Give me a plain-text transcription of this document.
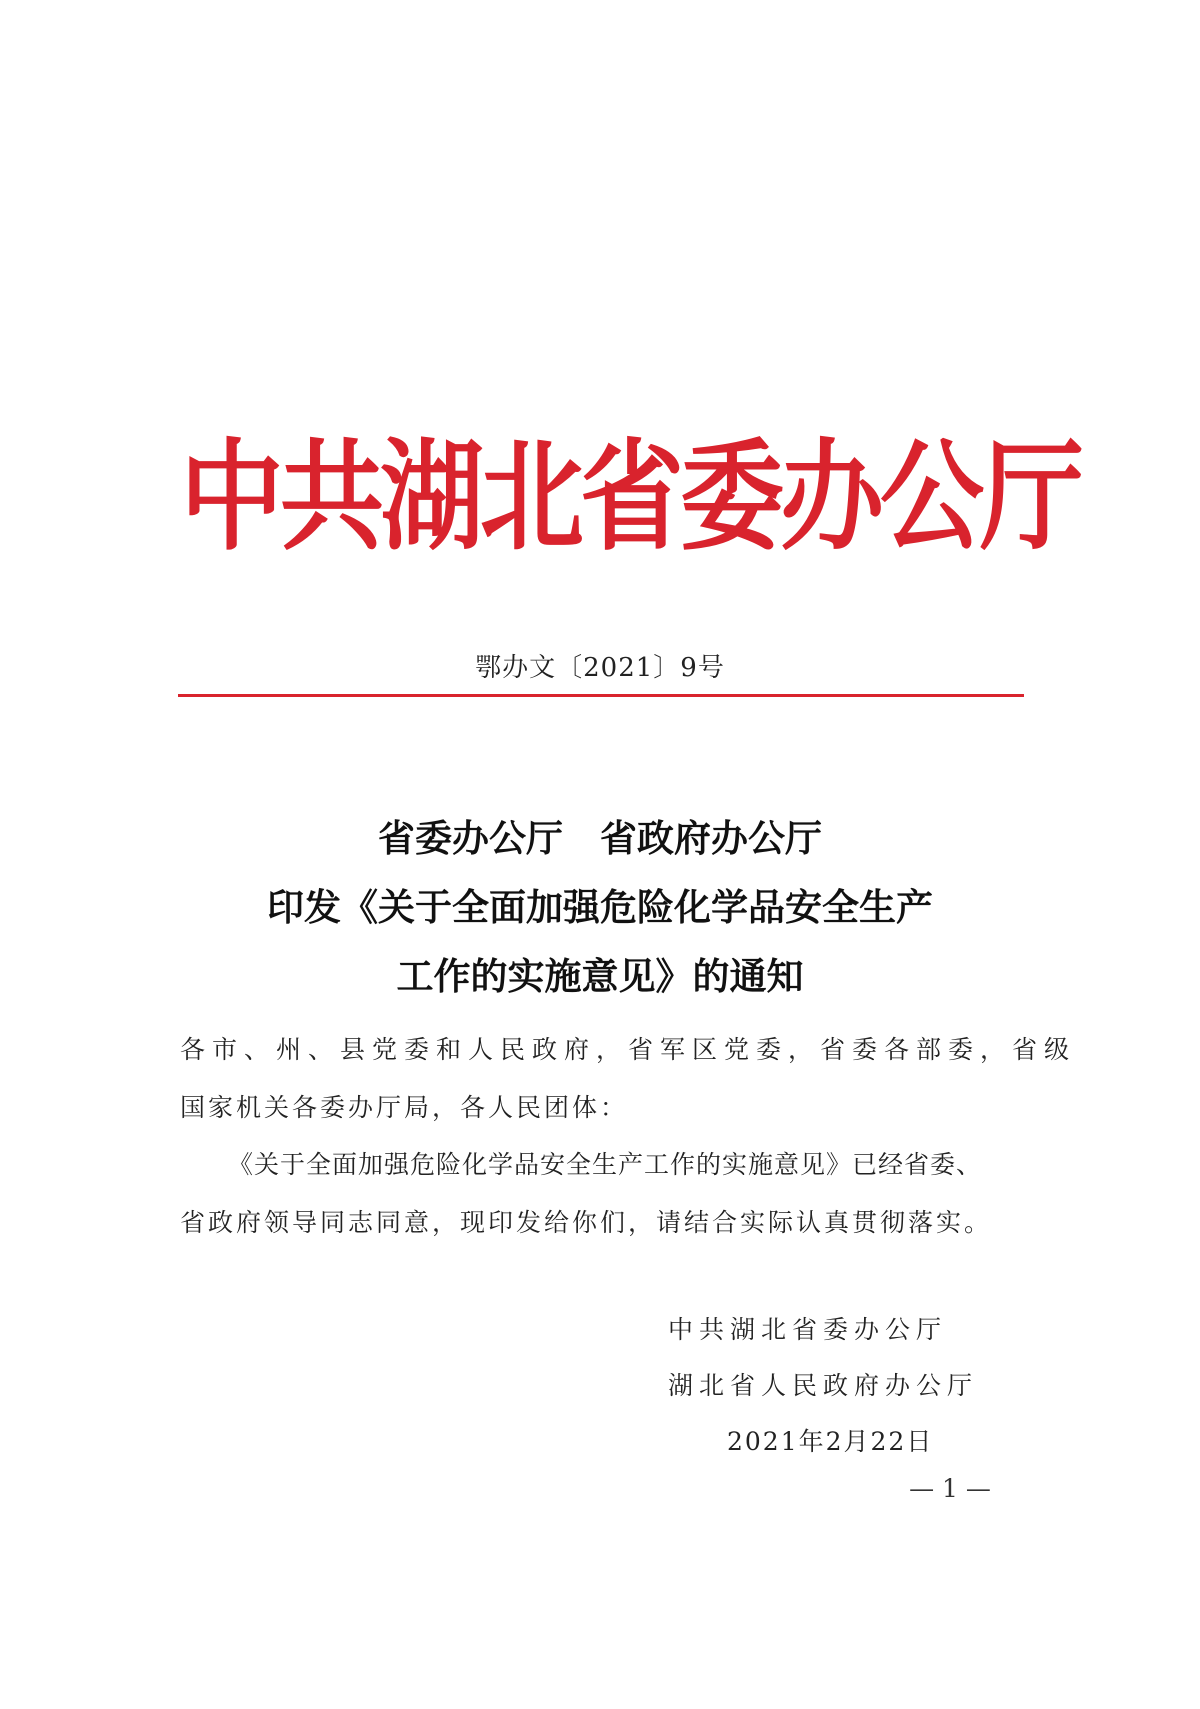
中共湖北省委办公厅
鄂办文〔2021〕9号
省委办公厅　省政府办公厅
印发《关于全面加强危险化学品安全生产
工作的实施意见》的通知
各市、州、县党委和人民政府，省军区党委，省委各部委，省级
国家机关各委办厅局，各人民团体：
《关于全面加强危险化学品安全生产工作的实施意见》已经省委、
省政府领导同志同意，现印发给你们，请结合实际认真贯彻落实。
中共湖北省委办公厅
湖北省人民政府办公厅
2021年2月22日
— 1 —
